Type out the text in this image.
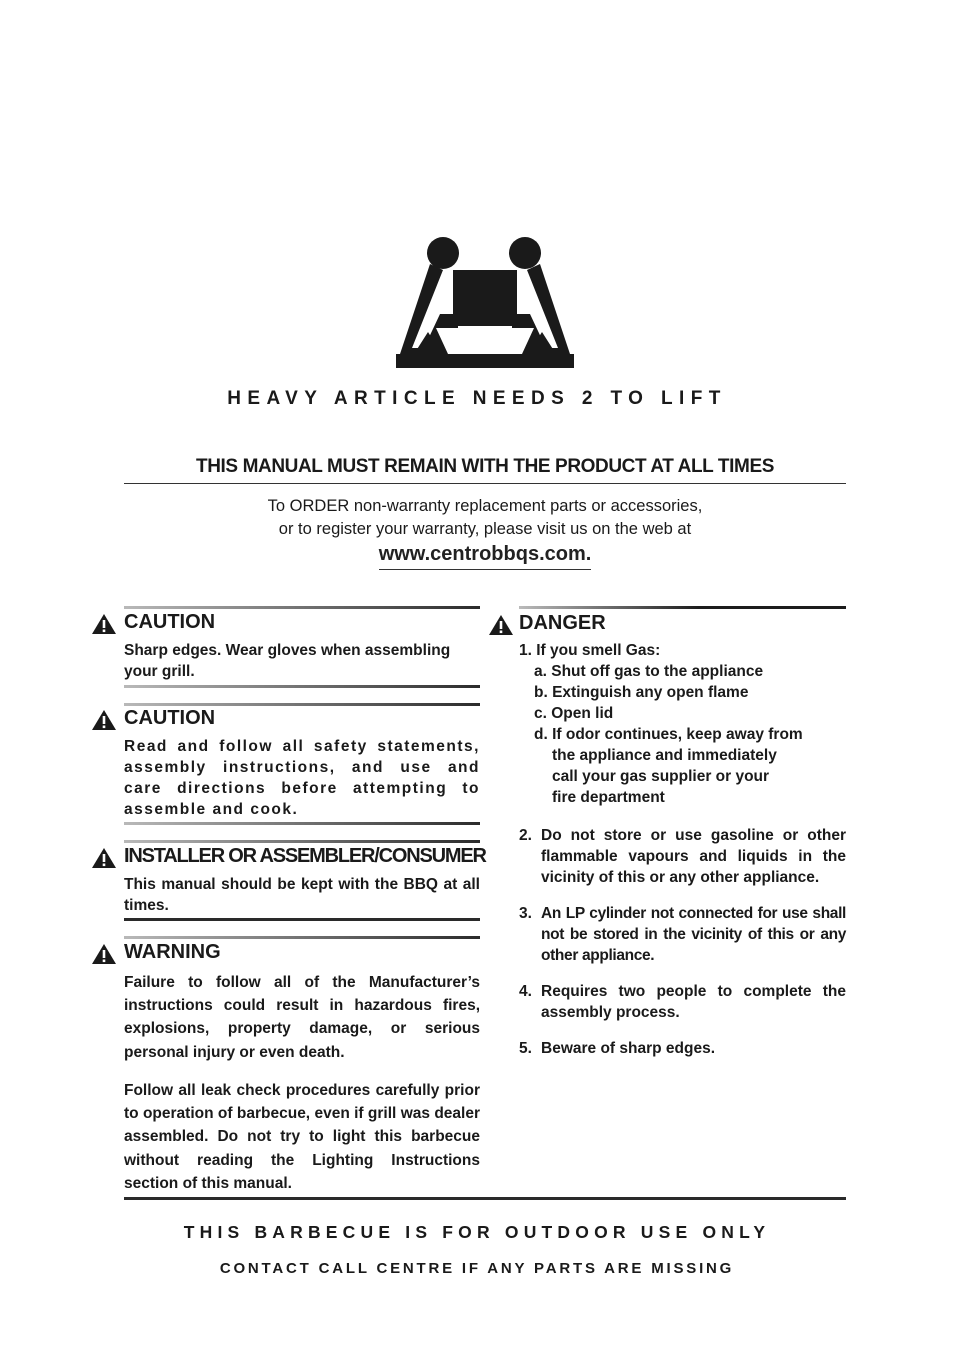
HEAVY ARTICLE NEEDS 2 TO LIFT
THIS MANUAL MUST REMAIN WITH THE PRODUCT AT ALL TIMES
To ORDER non-warranty replacement parts or accessories,
or to register your warranty, please visit us on the web at
www.centrobbqs.com.
CAUTION
Sharp edges. Wear gloves when assembling your grill.
CAUTION
Read and follow all safety statements, assembly instructions, and use and care directions before attempting to assemble and cook.
INSTALLER OR ASSEMBLER/CONSUMER
This manual should be kept with the BBQ at all times.
WARNING
Failure to follow all of the Manufacturer’s instructions could result in hazardous fires, explosions, property damage, or serious personal injury or even death.
Follow all leak check procedures carefully prior to operation of barbecue, even if grill was dealer assembled. Do not try to light this barbecue without reading the Lighting Instructions section of this manual.
DANGER
1. If you smell Gas:
a. Shut off gas to the appliance
b. Extinguish any open flame
c. Open lid
d. If odor continues, keep away from
the appliance and immediately
call your gas supplier or your
fire department
2. Do not store or use gasoline or other flammable vapours and liquids in the vicinity of this or any other appliance.
3. An LP cylinder not connected for use shall not be stored in the vicinity of this or any other appliance.
4. Requires two people to complete the assembly process.
5. Beware of sharp edges.
THIS BARBECUE IS FOR OUTDOOR USE ONLY
CONTACT CALL CENTRE IF ANY PARTS ARE MISSING
